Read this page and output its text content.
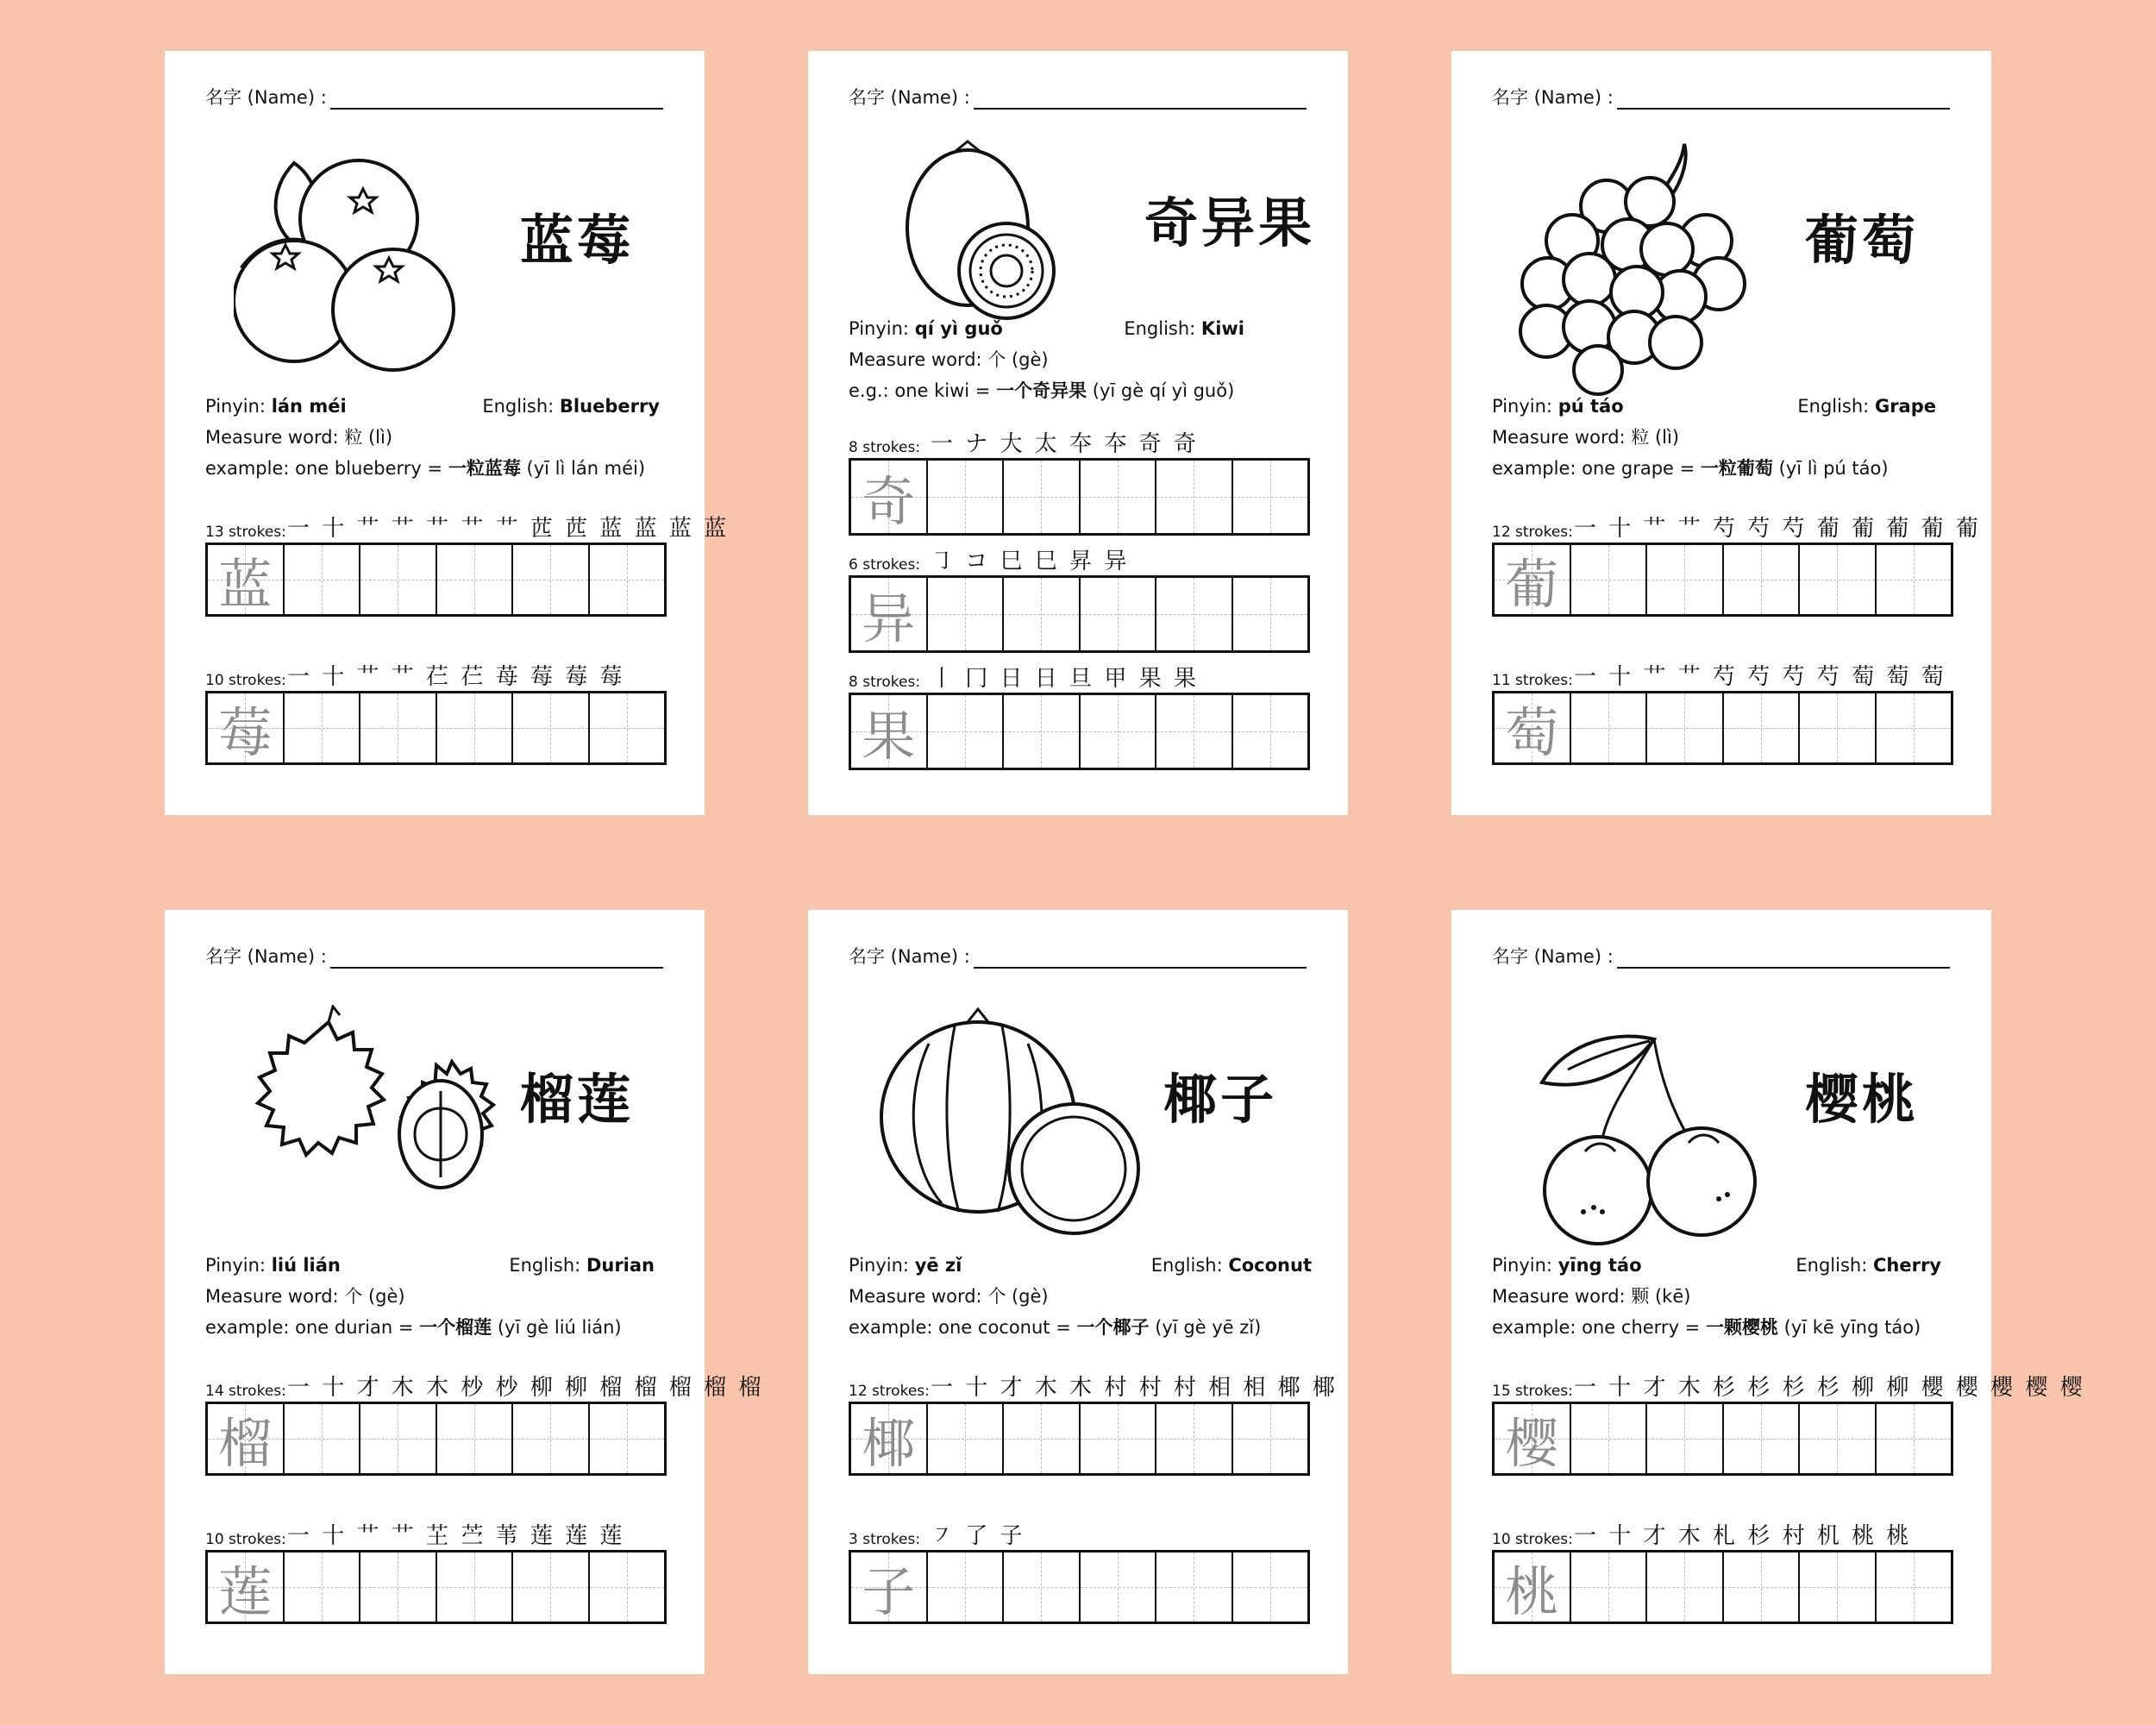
名字 (Name) :
蓝莓
Pinyin: lán méi	English: Blueberry
Measure word: 粒 (lì)
example: one blueberry = 一粒蓝莓 (yī lì lán méi)
13 strokes: 一 十 艹 艹 艹 艹 艹 苉 苉 蓝 蓝 蓝 蓝
蓝
10 strokes: 一 十 艹 艹 芢 芢 苺 莓 莓 莓
莓
名字 (Name) :
奇异果
Pinyin: qí yì guǒ	English: Kiwi
Measure word: 个 (gè)
e.g.: one kiwi = 一个奇异果 (yī gè qí yì guǒ)
8 strokes: 一 ナ 大 太 夲 夲 奇 奇
奇
6 strokes: ㇆ コ 巳 巳 昇 异
异
8 strokes: 丨 冂 日 日 旦 甲 果 果
果
名字 (Name) :
葡萄
Pinyin: pú táo	English: Grape
Measure word: 粒 (lì)
example: one grape = 一粒葡萄 (yī lì pú táo)
12 strokes: 一 十 艹 艹 芍 芍 芍 葡 葡 葡 葡 葡
葡
11 strokes: 一 十 艹 艹 芍 芍 芍 芍 萄 萄 萄
萄
名字 (Name) :
榴莲
Pinyin: liú lián	English: Durian
Measure word: 个 (gè)
example: one durian = 一个榴莲 (yī gè liú lián)
14 strokes: 一 十 才 木 木 杪 杪 柳 柳 榴 榴 榴 榴 榴
榴
10 strokes: 一 十 艹 艹 芏 苎 苇 莲 莲 莲
莲
名字 (Name) :
椰子
Pinyin: yē zǐ	English: Coconut
Measure word: 个 (gè)
example: one coconut = 一个椰子 (yī gè yē zǐ)
12 strokes: 一 十 才 木 木 村 村 村 相 相 椰 椰
椰
3 strokes: ㇇ 了 子
子
名字 (Name) :
樱桃
Pinyin: yīng táo	English: Cherry
Measure word: 颗 (kē)
example: one cherry = 一颗樱桃 (yī kē yīng táo)
15 strokes: 一 十 才 木 杉 杉 杉 杉 柳 柳 櫻 櫻 櫻 樱 樱
樱
10 strokes: 一 十 才 木 札 杉 村 机 桃 桃
桃
